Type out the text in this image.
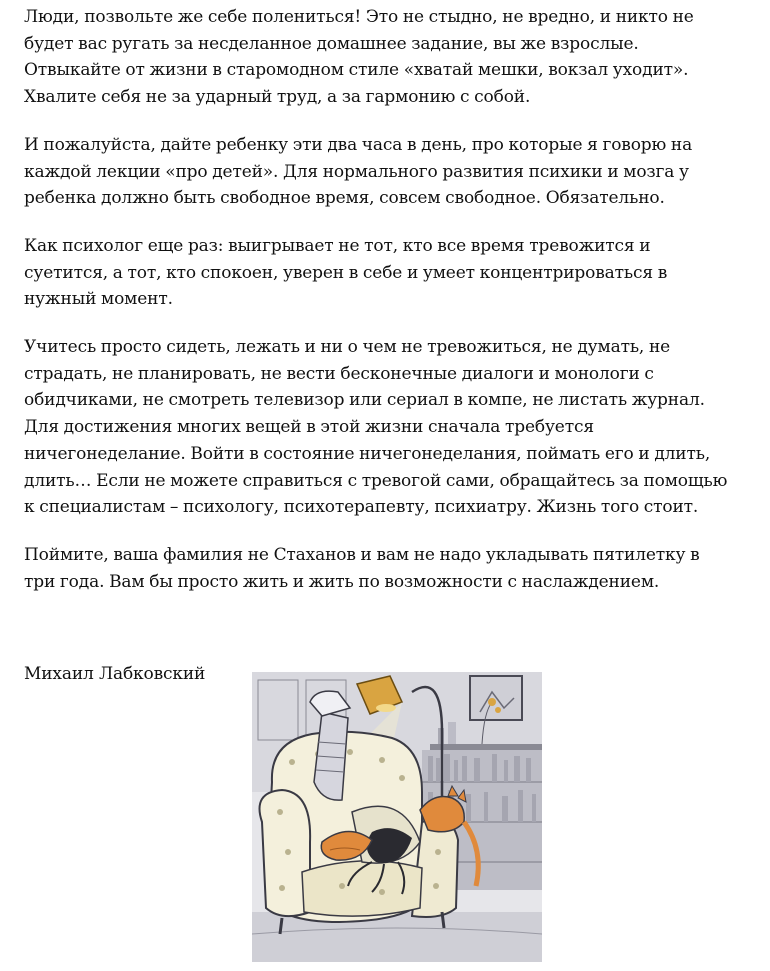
Люди, позвольте же себе полениться! Это не стыдно, не вредно, и никто не
будет вас ругать за несделанное домашнее задание, вы же взрослые.
Отвыкайте от жизни в старомодном стиле «хватай мешки, вокзал уходит».
Хвалите себя не за ударный труд, а за гармонию с собой.

И пожалуйста, дайте ребенку эти два часа в день, про которые я говорю на
каждой лекции «про детей». Для нормального развития психики и мозга у
ребенка должно быть свободное время, совсем свободное. Обязательно.

Как психолог еще раз: выигрывает не тот, кто все время тревожится и
суетится, а тот, кто спокоен, уверен в себе и умеет концентрироваться в
нужный момент.

Учитесь просто сидеть, лежать и ни о чем не тревожиться, не думать, не
страдать, не планировать, не вести бесконечные диалоги и монологи с
обидчиками, не смотреть телевизор или сериал в компе, не листать журнал.
Для достижения многих вещей в этой жизни сначала требуется
ничегонеделание. Войти в состояние ничегонеделания, поймать его и длить,
длить… Если не можете справиться с тревогой сами, обращайтесь за помощью
к специалистам – психологу, психотерапевту, психиатру. Жизнь того стоит.

Поймите, ваша фамилия не Стаханов и вам не надо укладывать пятилетку в
три года. Вам бы просто жить и жить по возможности с наслаждением.

Михаил Лабковский
